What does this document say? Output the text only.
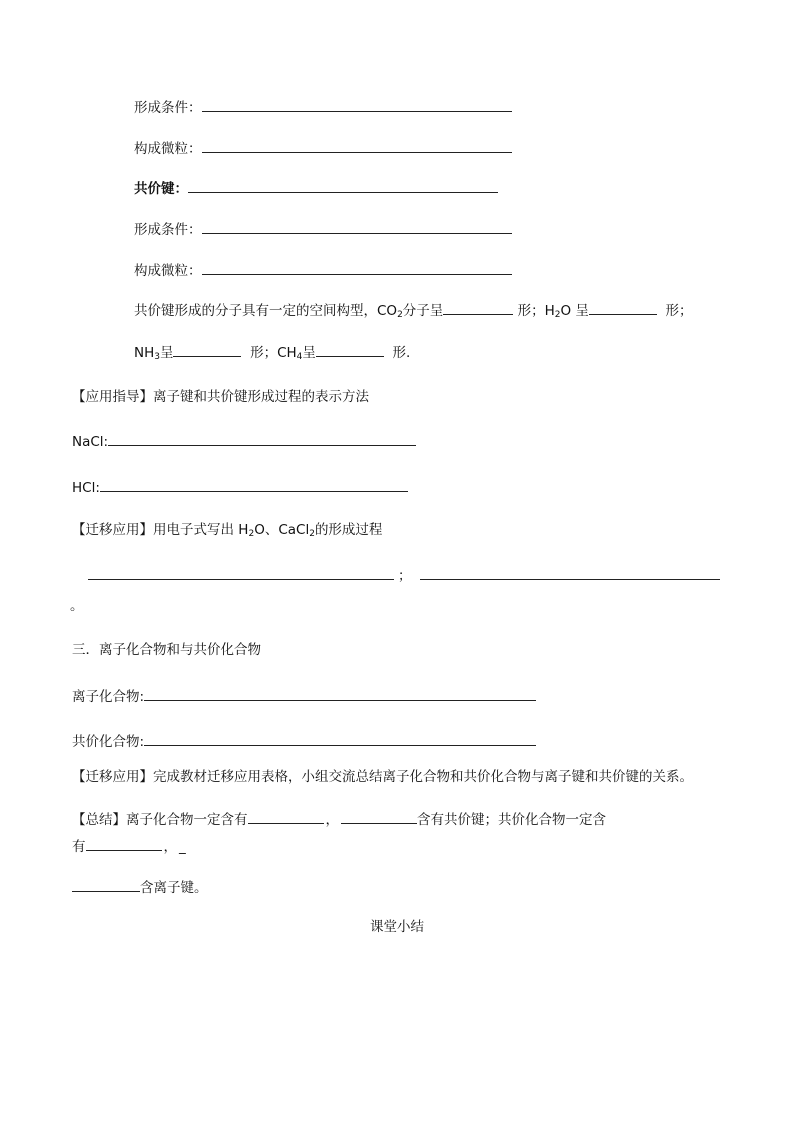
形成条件：
构成微粒：
共价键：
形成条件：
构成微粒：
共价键形成的分子具有一定的空间构型，$CO_2$分子呈	形；$H_2O$ 呈	形；
$NH_3$呈	形；$CH_4$呈	形.
【应用指导】离子键和共价键形成过程的表示方法
NaCl:
HCl:
【迁移应用】用电子式写出 $H_2O$、CaCl$_2$的形成过程
；
。
三．离子化合物和与共价化合物
离子化合物:
共价化合物:
【迁移应用】完成教材迁移应用表格，小组交流总结离子化合物和共价化合物与离子键和共价键的关系。
【总结】离子化合物一定含有	，	含有共价键；共价化合物一定含
有	， _
含离子键。
课堂小结
